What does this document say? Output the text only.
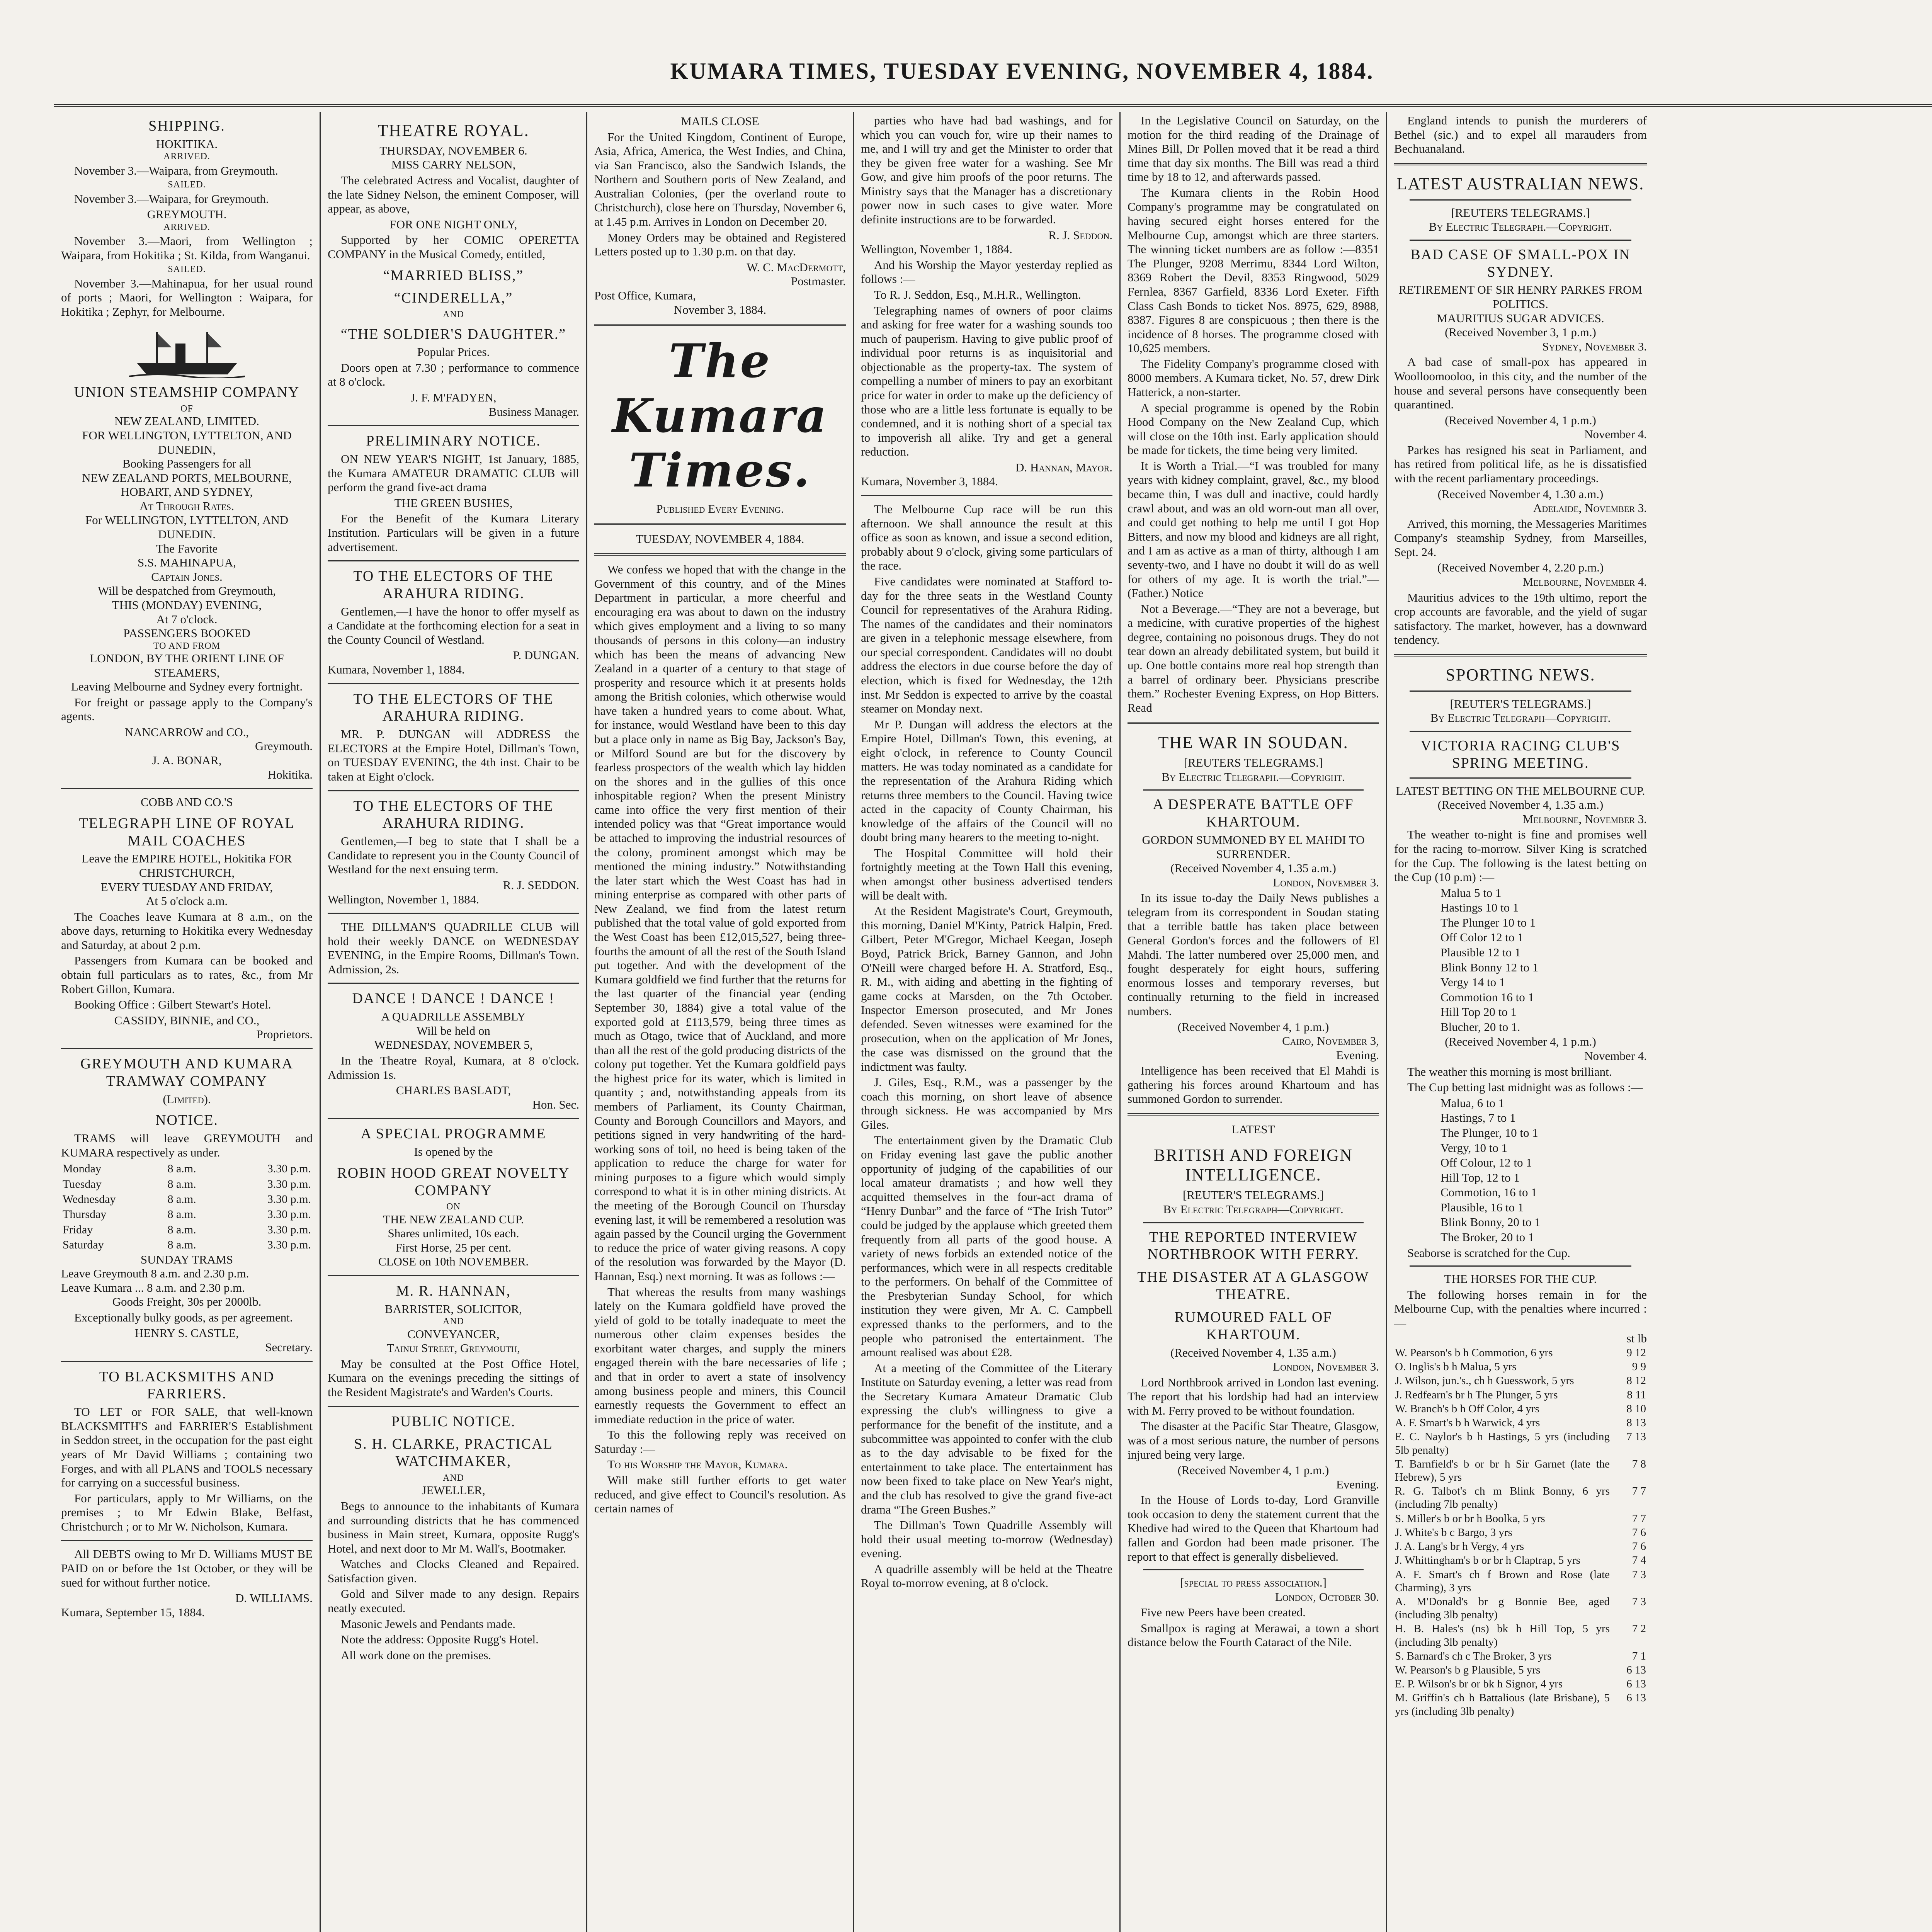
KUMARA TIMES, TUESDAY EVENING, NOVEMBER 4, 1884.
SHIPPING.
HOKITIKA.
ARRIVED.

November 3.—Waipara, from Greymouth.

SAILED.

November 3.—Waipara, for Greymouth.

GREYMOUTH.
ARRIVED.

November 3.—Maori, from Wellington ; Waipara, from Hokitika ; St. Kilda, from Wanganui.

SAILED.

November 3.—Mahinapua, for her usual round of ports ; Maori, for Wellington : Waipara, for Hokitika ; Zephyr, for Melbourne.

UNION STEAMSHIP COMPANY
OF
NEW ZEALAND, LIMITED.
FOR WELLINGTON, LYTTELTON, AND DUNEDIN,
Booking Passengers for all
NEW ZEALAND PORTS, MELBOURNE, HOBART, AND SYDNEY,
At Through Rates.
For WELLINGTON, LYTTELTON, AND DUNEDIN.
The Favorite
S.S. MAHINAPUA,
Captain Jones.
Will be despatched from Greymouth,
THIS (MONDAY) EVENING,
At 7 o'clock.
PASSENGERS BOOKED
TO AND FROM
LONDON, BY THE ORIENT LINE OF STEAMERS,
Leaving Melbourne and Sydney every fortnight.

For freight or passage apply to the Company's agents.

NANCARROW and CO.,
Greymouth.
J. A. BONAR,
Hokitika.
COBB AND CO.'S
TELEGRAPH LINE OF ROYAL MAIL COACHES
Leave the EMPIRE HOTEL, Hokitika FOR CHRISTCHURCH,
EVERY TUESDAY AND FRIDAY,
At 5 o'clock a.m.

The Coaches leave Kumara at 8 a.m., on the above days, returning to Hokitika every Wednesday and Saturday, at about 2 p.m.

Passengers from Kumara can be booked and obtain full particulars as to rates, &c., from Mr Robert Gillon, Kumara.

Booking Office : Gilbert Stewart's Hotel.

CASSIDY, BINNIE, and CO.,
Proprietors.
GREYMOUTH AND KUMARA TRAMWAY COMPANY
(Limited).
NOTICE.

TRAMS will leave GREYMOUTH and KUMARA respectively as under.

Monday	8 a.m.	3.30 p.m.
Tuesday	8 a.m.	3.30 p.m.
Wednesday	8 a.m.	3.30 p.m.
Thursday	8 a.m.	3.30 p.m.
Friday	8 a.m.	3.30 p.m.
Saturday	8 a.m.	3.30 p.m.
SUNDAY TRAMS
Leave Greymouth 8 a.m. and 2.30 p.m.
Leave Kumara ... 8 a.m. and 2.30 p.m.
Goods Freight, 30s per 2000lb.

Exceptionally bulky goods, as per agreement.

HENRY S. CASTLE,
Secretary.
TO BLACKSMITHS AND FARRIERS.

TO LET or FOR SALE, that well-known BLACKSMITH'S and FARRIER'S Establishment in Seddon street, in the occupation for the past eight years of Mr David Williams ; containing two Forges, and with all PLANS and TOOLS necessary for carrying on a successful business.

For particulars, apply to Mr Williams, on the premises ; to Mr Edwin Blake, Belfast, Christchurch ; or to Mr W. Nicholson, Kumara.

All DEBTS owing to Mr D. Williams MUST BE PAID on or before the 1st October, or they will be sued for without further notice.

D. WILLIAMS.
Kumara, September 15, 1884.
THEATRE ROYAL.
THURSDAY, NOVEMBER 6.
MISS CARRY NELSON,

The celebrated Actress and Vocalist, daughter of the late Sidney Nelson, the eminent Composer, will appear, as above,

FOR ONE NIGHT ONLY,

Supported by her COMIC OPERETTA COMPANY in the Musical Comedy, entitled,

“MARRIED BLISS,”
“CINDERELLA,”
AND
“THE SOLDIER'S DAUGHTER.”
Popular Prices.

Doors open at 7.30 ; performance to commence at 8 o'clock.

J. F. M'FADYEN,
Business Manager.
PRELIMINARY NOTICE.

ON NEW YEAR'S NIGHT, 1st January, 1885, the Kumara AMATEUR DRAMATIC CLUB will perform the grand five-act drama

THE GREEN BUSHES,

For the Benefit of the Kumara Literary Institution. Particulars will be given in a future advertisement.

TO THE ELECTORS OF THE ARAHURA RIDING.

Gentlemen,—I have the honor to offer myself as a Candidate at the forthcoming election for a seat in the County Council of Westland.

P. DUNGAN.
Kumara, November 1, 1884.
TO THE ELECTORS OF THE ARAHURA RIDING.

MR. P. DUNGAN will ADDRESS the ELECTORS at the Empire Hotel, Dillman's Town, on TUESDAY EVENING, the 4th inst. Chair to be taken at Eight o'clock.

TO THE ELECTORS OF THE ARAHURA RIDING.

Gentlemen,—I beg to state that I shall be a Candidate to represent you in the County Council of Westland for the next ensuing term.

R. J. SEDDON.
Wellington, November 1, 1884.

THE DILLMAN'S QUADRILLE CLUB will hold their weekly DANCE on WEDNESDAY EVENING, in the Empire Rooms, Dillman's Town. Admission, 2s.

DANCE ! DANCE ! DANCE !
A QUADRILLE ASSEMBLY
Will be held on
WEDNESDAY, NOVEMBER 5,

In the Theatre Royal, Kumara, at 8 o'clock. Admission 1s.

CHARLES BASLADT,
Hon. Sec.
A SPECIAL PROGRAMME
Is opened by the
ROBIN HOOD GREAT NOVELTY COMPANY
ON
THE NEW ZEALAND CUP.
Shares unlimited, 10s each.
First Horse, 25 per cent.
CLOSE on 10th NOVEMBER.
M. R. HANNAN,
BARRISTER, SOLICITOR,
AND
CONVEYANCER,
Tainui Street, Greymouth,

May be consulted at the Post Office Hotel, Kumara on the evenings preceding the sittings of the Resident Magistrate's and Warden's Courts.

PUBLIC NOTICE.
S. H. CLARKE, PRACTICAL WATCHMAKER,
AND
JEWELLER,

Begs to announce to the inhabitants of Kumara and surrounding districts that he has commenced business in Main street, Kumara, opposite Rugg's Hotel, and next door to Mr M. Wall's, Bootmaker.

Watches and Clocks Cleaned and Repaired. Satisfaction given.

Gold and Silver made to any design. Repairs neatly executed.

Masonic Jewels and Pendants made.

Note the address: Opposite Rugg's Hotel.

All work done on the premises.

MAILS CLOSE

For the United Kingdom, Continent of Europe, Asia, Africa, America, the West Indies, and China, via San Francisco, also the Sandwich Islands, the Northern and Southern ports of New Zealand, and Australian Colonies, (per the overland route to Christchurch), close here on Thursday, November 6, at 1.45 p.m. Arrives in London on December 20.

Money Orders may be obtained and Registered Letters posted up to 1.30 p.m. on that day.

W. C. MacDermott,
Postmaster.
Post Office, Kumara,
November 3, 1884.
The Kumara Times.
Published Every Evening.
TUESDAY, NOVEMBER 4, 1884.

We confess we hoped that with the change in the Government of this country, and of the Mines Department in particular, a more cheerful and encouraging era was about to dawn on the industry which gives employment and a living to so many thousands of persons in this colony—an industry which has been the means of advancing New Zealand in a quarter of a century to that stage of prosperity and resource which it at presents holds among the British colonies, which otherwise would have taken a hundred years to come about. What, for instance, would Westland have been to this day but a place only in name as Big Bay, Jackson's Bay, or Milford Sound are but for the discovery by fearless prospectors of the wealth which lay hidden on the shores and in the gullies of this once inhospitable region? When the present Ministry came into office the very first mention of their intended policy was that “Great importance would be attached to improving the industrial resources of the colony, prominent amongst which may be mentioned the mining industry.” Notwithstanding the later start which the West Coast has had in mining enterprise as compared with other parts of New Zealand, we find from the latest return published that the total value of gold exported from the West Coast has been £12,015,527, being three-fourths the amount of all the rest of the South Island put together. And with the development of the Kumara goldfield we find further that the returns for the last quarter of the financial year (ending September 30, 1884) give a total value of the exported gold at £113,579, being three times as much as Otago, twice that of Auckland, and more than all the rest of the gold producing districts of the colony put together. Yet the Kumara goldfield pays the highest price for its water, which is limited in quantity ; and, notwithstanding appeals from its members of Parliament, its County Chairman, County and Borough Councillors and Mayors, and petitions signed in very handwriting of the hard-working sons of toil, no heed is being taken of the application to reduce the charge for water for mining purposes to a figure which would simply correspond to what it is in other mining districts. At the meeting of the Borough Council on Thursday evening last, it will be remembered a resolution was again passed by the Council urging the Government to reduce the price of water giving reasons. A copy of the resolution was forwarded by the Mayor (D. Hannan, Esq.) next morning. It was as follows :—

That whereas the results from many washings lately on the Kumara goldfield have proved the yield of gold to be totally inadequate to meet the numerous other claim expenses besides the exorbitant water charges, and supply the miners engaged therein with the bare necessaries of life ; and that in order to avert a state of insolvency among business people and miners, this Council earnestly requests the Government to effect an immediate reduction in the price of water.

To this the following reply was received on Saturday :—

To his Worship the Mayor, Kumara.

Will make still further efforts to get water reduced, and give effect to Council's resolution. As certain names of

parties who have had bad washings, and for which you can vouch for, wire up their names to me, and I will try and get the Minister to order that they be given free water for a washing. See Mr Gow, and give him proofs of the poor returns. The Ministry says that the Manager has a discretionary power now in such cases to give water. More definite instructions are to be forwarded.

R. J. Seddon.
Wellington, November 1, 1884.

And his Worship the Mayor yesterday replied as follows :—

To R. J. Seddon, Esq., M.H.R., Wellington.

Telegraphing names of owners of poor claims and asking for free water for a washing sounds too much of pauperism. Having to give public proof of individual poor returns is as inquisitorial and objectionable as the property-tax. The system of compelling a number of miners to pay an exorbitant price for water in order to make up the deficiency of those who are a little less fortunate is equally to be condemned, and it is nothing short of a special tax to impoverish all alike. Try and get a general reduction.

D. Hannan, Mayor.
Kumara, November 3, 1884.

The Melbourne Cup race will be run this afternoon. We shall announce the result at this office as soon as known, and issue a second edition, probably about 9 o'clock, giving some particulars of the race.

Five candidates were nominated at Stafford to-day for the three seats in the Westland County Council for representatives of the Arahura Riding. The names of the candidates and their nominators are given in a telephonic message elsewhere, from our special correspondent. Candidates will no doubt address the electors in due course before the day of election, which is fixed for Wednesday, the 12th inst. Mr Seddon is expected to arrive by the coastal steamer on Monday next.

Mr P. Dungan will address the electors at the Empire Hotel, Dillman's Town, this evening, at eight o'clock, in reference to County Council matters. He was today nominated as a candidate for the representation of the Arahura Riding which returns three members to the Council. Having twice acted in the capacity of County Chairman, his knowledge of the affairs of the Council will no doubt bring many hearers to the meeting to-night.

The Hospital Committee will hold their fortnightly meeting at the Town Hall this evening, when amongst other business advertised tenders will be dealt with.

At the Resident Magistrate's Court, Greymouth, this morning, Daniel M'Kinty, Patrick Halpin, Fred. Gilbert, Peter M'Gregor, Michael Keegan, Joseph Boyd, Patrick Brick, Barney Gannon, and John O'Neill were charged before H. A. Stratford, Esq., R. M., with aiding and abetting in the fighting of game cocks at Marsden, on the 7th October. Inspector Emerson prosecuted, and Mr Jones defended. Seven witnesses were examined for the prosecution, when on the application of Mr Jones, the case was dismissed on the ground that the indictment was faulty.

J. Giles, Esq., R.M., was a passenger by the coach this morning, on short leave of absence through sickness. He was accompanied by Mrs Giles.

The entertainment given by the Dramatic Club on Friday evening last gave the public another opportunity of judging of the capabilities of our local amateur dramatists ; and how well they acquitted themselves in the four-act drama of “Henry Dunbar” and the farce of “The Irish Tutor” could be judged by the applause which greeted them frequently from all parts of the good house. A variety of news forbids an extended notice of the performances, which were in all respects creditable to the performers. On behalf of the Committee of the Presbyterian Sunday School, for which institution they were given, Mr A. C. Campbell expressed thanks to the performers, and to the people who patronised the entertainment. The amount realised was about £28.

At a meeting of the Committee of the Literary Institute on Saturday evening, a letter was read from the Secretary Kumara Amateur Dramatic Club expressing the club's willingness to give a performance for the benefit of the institute, and a subcommittee was appointed to confer with the club as to the day advisable to be fixed for the entertainment to take place. The entertainment has now been fixed to take place on New Year's night, and the club has resolved to give the grand five-act drama “The Green Bushes.”

The Dillman's Town Quadrille Assembly will hold their usual meeting to-morrow (Wednesday) evening.

A quadrille assembly will be held at the Theatre Royal to-morrow evening, at 8 o'clock.

In the Legislative Council on Saturday, on the motion for the third reading of the Drainage of Mines Bill, Dr Pollen moved that it be read a third time that day six months. The Bill was read a third time by 18 to 12, and afterwards passed.

The Kumara clients in the Robin Hood Company's programme may be congratulated on having secured eight horses entered for the Melbourne Cup, amongst which are three starters. The winning ticket numbers are as follow :—8351 The Plunger, 9208 Merrimu, 8344 Lord Wilton, 8369 Robert the Devil, 8353 Ringwood, 5029 Fernlea, 8367 Garfield, 8336 Lord Exeter. Fifth Class Cash Bonds to ticket Nos. 8975, 629, 8988, 8387. Figures 8 are conspicuous ; then there is the incidence of 8 horses. The programme closed with 10,625 members.

The Fidelity Company's programme closed with 8000 members. A Kumara ticket, No. 57, drew Dirk Hatterick, a non-starter.

A special programme is opened by the Robin Hood Company on the New Zealand Cup, which will close on the 10th inst. Early application should be made for tickets, the time being very limited.

It is Worth a Trial.—“I was troubled for many years with kidney complaint, gravel, &c., my blood became thin, I was dull and inactive, could hardly crawl about, and was an old worn-out man all over, and could get nothing to help me until I got Hop Bitters, and now my blood and kidneys are all right, and I am as active as a man of thirty, although I am seventy-two, and I have no doubt it will do as well for others of my age. It is worth the trial.”—(Father.) Notice

Not a Beverage.—“They are not a beverage, but a medicine, with curative properties of the highest degree, containing no poisonous drugs. They do not tear down an already debilitated system, but build it up. One bottle contains more real hop strength than a barrel of ordinary beer. Physicians prescribe them.” Rochester Evening Express, on Hop Bitters. Read

THE WAR IN SOUDAN.
[REUTERS TELEGRAMS.]
By Electric Telegraph.—Copyright.
A DESPERATE BATTLE OFF KHARTOUM.
GORDON SUMMONED BY EL MAHDI TO SURRENDER.
(Received November 4, 1.35 a.m.)
London, November 3.

In its issue to-day the Daily News publishes a telegram from its correspondent in Soudan stating that a terrible battle has taken place between General Gordon's forces and the followers of El Mahdi. The latter numbered over 25,000 men, and fought desperately for eight hours, suffering enormous losses and temporary reverses, but continually returning to the field in increased numbers.

(Received November 4, 1 p.m.)
Cairo, November 3,
Evening.

Intelligence has been received that El Mahdi is gathering his forces around Khartoum and has summoned Gordon to surrender.

LATEST
BRITISH AND FOREIGN INTELLIGENCE.
[REUTER'S TELEGRAMS.]
By Electric Telegraph—Copyright.
THE REPORTED INTERVIEW NORTHBROOK WITH FERRY.
THE DISASTER AT A GLASGOW THEATRE.
RUMOURED FALL OF KHARTOUM.
(Received November 4, 1.35 a.m.)
London, November 3.

Lord Northbrook arrived in London last evening. The report that his lordship had had an interview with M. Ferry proved to be without foundation.

The disaster at the Pacific Star Theatre, Glasgow, was of a most serious nature, the number of persons injured being very large.

(Received November 4, 1 p.m.)
Evening.

In the House of Lords to-day, Lord Granville took occasion to deny the statement current that the Khedive had wired to the Queen that Khartoum had fallen and Gordon had been made prisoner. The report to that effect is generally disbelieved.

[special to press association.]
London, October 30.

Five new Peers have been created.

Smallpox is raging at Merawai, a town a short distance below the Fourth Cataract of the Nile.

England intends to punish the murderers of Bethel (sic.) and to expel all marauders from Bechuanaland.

LATEST AUSTRALIAN NEWS.
[REUTERS TELEGRAMS.]
By Electric Telegraph.—Copyright.
BAD CASE OF SMALL-POX IN SYDNEY.
RETIREMENT OF SIR HENRY PARKES FROM POLITICS.
MAURITIUS SUGAR ADVICES.
(Received November 3, 1 p.m.)
Sydney, November 3.

A bad case of small-pox has appeared in Woolloomooloo, in this city, and the number of the house and several persons have consequently been quarantined.

(Received November 4, 1 p.m.)
November 4.

Parkes has resigned his seat in Parliament, and has retired from political life, as he is dissatisfied with the recent parliamentary proceedings.

(Received November 4, 1.30 a.m.)
Adelaide, November 3.

Arrived, this morning, the Messageries Maritimes Company's steamship Sydney, from Marseilles, Sept. 24.

(Received November 4, 2.20 p.m.)
Melbourne, November 4.

Mauritius advices to the 19th ultimo, report the crop accounts are favorable, and the yield of sugar satisfactory. The market, however, has a downward tendency.

SPORTING NEWS.
[REUTER'S TELEGRAMS.]
By Electric Telegraph—Copyright.
VICTORIA RACING CLUB'S SPRING MEETING.
LATEST BETTING ON THE MELBOURNE CUP.
(Received November 4, 1.35 a.m.)
Melbourne, November 3.

The weather to-night is fine and promises well for the racing to-morrow. Silver King is scratched for the Cup. The following is the latest betting on the Cup (10 p.m) :—

Malua 5 to 1
Hastings 10 to 1
The Plunger 10 to 1
Off Color 12 to 1
Plausible 12 to 1
Blink Bonny 12 to 1
Vergy 14 to 1
Commotion 16 to 1
Hill Top 20 to 1
Blucher, 20 to 1.
(Received November 4, 1 p.m.)
November 4.

The weather this morning is most brilliant.

The Cup betting last midnight was as follows :—

Malua, 6 to 1
Hastings, 7 to 1
The Plunger, 10 to 1
Vergy, 10 to 1
Off Colour, 12 to 1
Hill Top, 12 to 1
Commotion, 16 to 1
Plausible, 16 to 1
Blink Bonny, 20 to 1
The Broker, 20 to 1

Seaborse is scratched for the Cup.

THE HORSES FOR THE CUP.

The following horses remain in for the Melbourne Cup, with the penalties where incurred :—

st lb
W. Pearson's b h Commotion, 6 yrs	9 12
O. Inglis's b h Malua, 5 yrs	9 9
J. Wilson, jun.'s., ch h Guesswork, 5 yrs	8 12
J. Redfearn's br h The Plunger, 5 yrs	8 11
W. Branch's b h Off Color, 4 yrs	8 10
A. F. Smart's b h Warwick, 4 yrs	8 13
E. C. Naylor's b h Hastings, 5 yrs (including 5lb penalty)	7 13
T. Barnfield's b or br h Sir Garnet (late the Hebrew), 5 yrs	7 8
R. G. Talbot's ch m Blink Bonny, 6 yrs (including 7lb penalty)	7 7
S. Miller's b or br h Boolka, 5 yrs	7 7
J. White's b c Bargo, 3 yrs	7 6
J. A. Lang's br h Vergy, 4 yrs	7 6
J. Whittingham's b or br h Claptrap, 5 yrs	7 4
A. F. Smart's ch f Brown and Rose (late Charming), 3 yrs	7 3
A. M'Donald's br g Bonnie Bee, aged (including 3lb penalty)	7 3
H. B. Hales's (ns) bk h Hill Top, 5 yrs (including 3lb penalty)	7 2
S. Barnard's ch c The Broker, 3 yrs	7 1
W. Pearson's b g Plausible, 5 yrs	6 13
E. P. Wilson's br or bk h Signor, 4 yrs	6 13
M. Griffin's ch h Battalious (late Brisbane), 5 yrs (including 3lb penalty)	6 13
